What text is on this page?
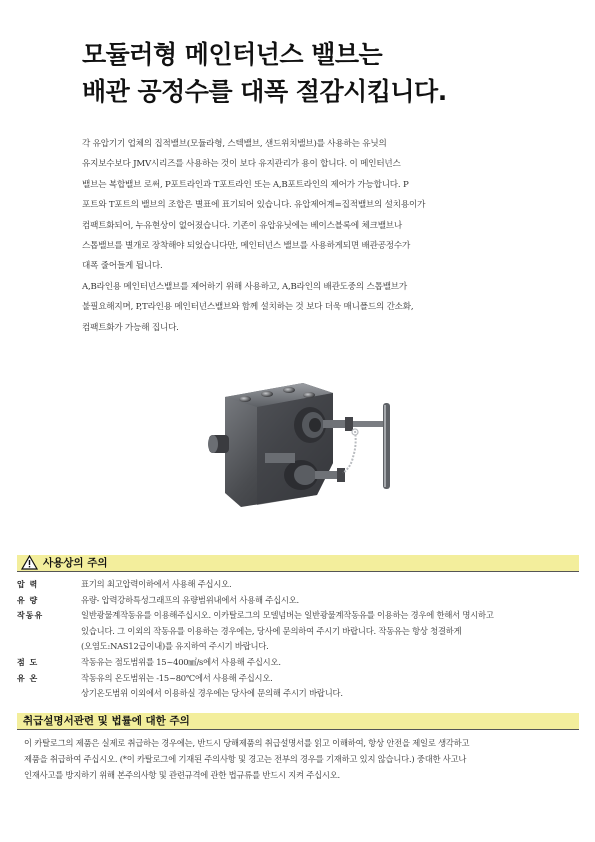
모듈러형 메인터넌스 밸브는
배관 공정수를 대폭 절감시킵니다.
각 유압기기 업체의 집적밸브(모듈라형, 스텍밸브, 샌드위치밸브)를 사용하는 유닛의
유지보수보다 JMV시리즈를 사용하는 것이 보다 유지관리가 용이 합니다. 이 메인터넌스
밸브는 복합밸브 로써, P포트라인과 T포트라인 또는 A,B포트라인의 제어가 가능합니다. P
포트와 T포트의 밸브의 조합은 별표에 표기되어 있습니다. 유압제어계=집적밸브의 설치용이가
컴팩트화되어, 누유현상이 없어졌습니다. 기존이 유압유닛에는 베이스블록에 체크밸브나
스톱밸브를 별개로 장착해야 되었습니다만, 메인터넌스 밸브를 사용하게되면 배관공정수가
대폭 줄어들게 됩니다.
A,B라인용 메인터넌스밸브를 제어하기 위해 사용하고, A,B라인의 배관도중의 스톱밸브가
불필요해지며, P,T라인용 메인터넌스밸브와 함께 설치하는 것 보다 더욱 매니폴드의 간소화,
컴팩트화가 가능해 집니다.
사용상의 주의
압 력	표기의 최고압력이하에서 사용해 주십시오.
유 량	유량- 압력강하특성그래프의 유량범위내에서 사용해 주십시오.
작동유	일반광물계작동유를 이용해주십시오. 이카탈로그의 모델넘버는 일반광물계작동유를 이용하는 경우에 한해서 명시하고
있습니다. 그 이외의 작동유를 이용하는 경우에는, 당사에 문의하여 주시기 바랍니다. 작동유는 항상 청결하게
(오염도:NAS12급이내)를 유지하여 주시기 바랍니다.
점 도	작동유는 점도범위를 15~400㎟/s에서 사용해 주십시오.
유 온	작동유의 온도범위는 -15~80℃에서 사용해 주십시오.
상기온도범위 이외에서 이용하실 경우에는 당사에 문의해 주시기 바랍니다.
취급설명서관련 및 법률에 대한 주의
이 카탈로그의 제품은 실제로 취급하는 경우에는, 반드시 당해제품의 취급설명서를 읽고 이해하여, 항상 안전을 제일로 생각하고
제품을 취급하여 주십시오. (*이 카탈로그에 기재된 주의사항 및 경고는 전부의 경우를 기재하고 있지 않습니다.) 중대한 사고나
인재사고를 방지하기 위해 본주의사항 및 관련규격에 관한 법규류를 반드시 지켜 주십시오.
